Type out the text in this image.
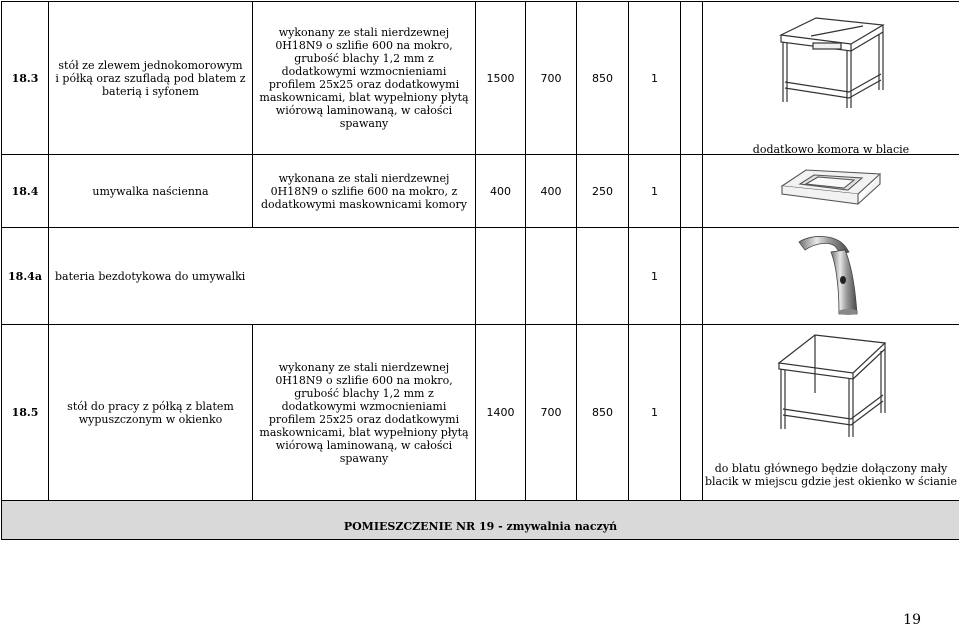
18.3	stół ze zlewem jednokomorowym i półką oraz szufladą pod blatem z baterią i syfonem	wykonany ze stali nierdzewnej 0H18N9 o szlifie 600 na mokro, grubość blachy 1,2 mm z dodatkowymi wzmocnieniami profilem 25x25 oraz dodatkowymi maskownicami, blat wypełniony płytą wiórową laminowaną, w całości spawany	1500	700	850	1		dodatkowo komora w blacie

18.4	umywalka naścienna	wykonana ze stali nierdzewnej 0H18N9 o szlifie 600 na mokro, z dodatkowymi maskownicami komory	400	400	250	1		

18.4a	bateria bezdotykowa do umywalki					1		

18.5	stół do pracy z półką z blatem wypuszczonym w okienko	wykonany ze stali nierdzewnej 0H18N9 o szlifie 600 na mokro, grubość blachy 1,2 mm z dodatkowymi wzmocnieniami profilem 25x25 oraz dodatkowymi maskownicami, blat wypełniony płytą wiórową laminowaną, w całości spawany	1400	700	850	1		do blatu głównego będzie dołączony mały blacik w miejscu gdzie jest okienko w ścianie

POMIESZCZENIE NR 19 - zmywalnia naczyń								
19
